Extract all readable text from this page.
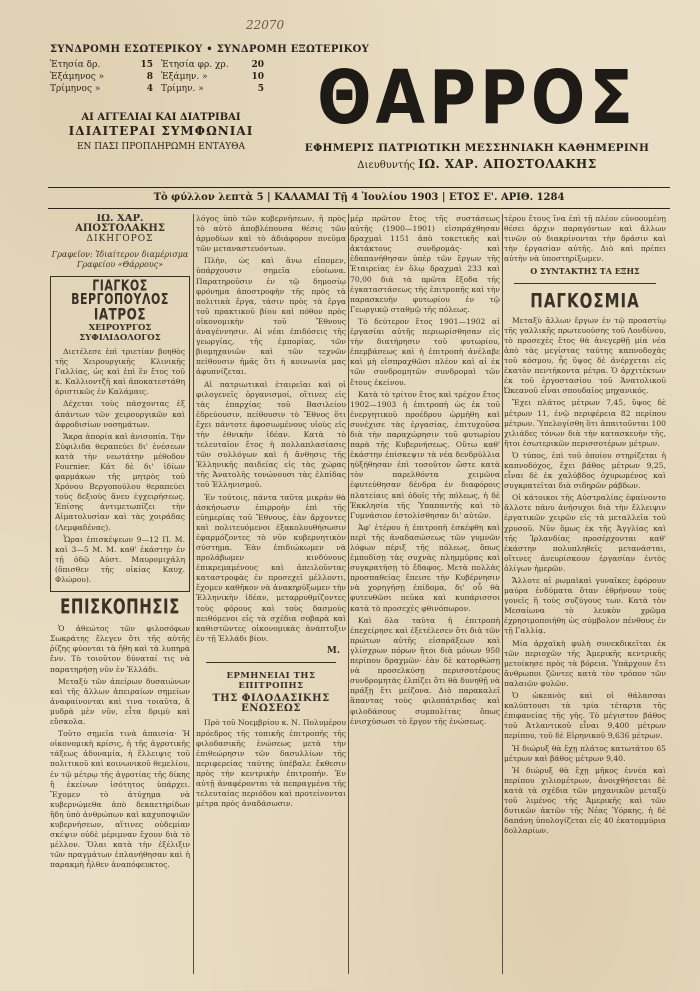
22070
ΣΥΝΔΡΟΜΗ ΕΣΩΤΕΡΙΚΟΥ • ΣΥΝΔΡΟΜΗ ΕΞΩΤΕΡΙΚΟΥ
Ἐτησία δρ.	15
Ἑξάμηνος »	8
Τρίμηνος »	4
Ἐτησία φρ. χρ.	20
Ἑξάμην. »	10
Τρίμην. »	5
ΑΙ ΑΓΓΕΛΙΑΙ ΚΑΙ ΔΙΑΤΡΙΒΑΙ
ΙΔΙΑΙΤΕΡΑΙ ΣΥΜΦΩΝΙΑΙ
ΕΝ ΠΑΣΙ ΠΡΟΠΛΗΡΩΜΗ ΕΝΤΑΥΘΑ
ΘΑΡΡΟΣ
ΕΦΗΜΕΡΙΣ ΠΑΤΡΙΩΤΙΚΗ ΜΕΣΣΗΝΙΑΚΗ ΚΑΘΗΜΕΡΙΝΗ
Διευθυντής ΙΩ. ΧΑΡ. ΑΠΟΣΤΟΛΑΚΗΣ
Τὸ φύλλον λεπτὰ 5 | ΚΑΛΑΜΑΙ Τῇ 4 Ἰουλίου 1903 | ΕΤΟΣ Ε'. ΑΡΙΘ. 1284
ΙΩ. ΧΑΡ. ΑΠΟΣΤΟΛΑΚΗΣ
ΔΙΚΗΓΟΡΟΣ
Γραφεῖον: Ἰδιαίτερον διαμέρισμα Γραφείου «Θάρρους»
ΓΙΑΓΚΟΣ ΒΕΡΓΟΠΟΥΛΟΣ
ΙΑΤΡΟΣ
ΧΕΙΡΟΥΡΓΟΣ ΣΥΦΙΛΙΔΟΛΟΓΟΣ

Διετέλεσε ἐπὶ τριετίαν βοηθὸς τῆς Χειρουργικῆς Κλινικῆς Γαλλίας, ὡς καὶ ἐπὶ ἓν ἔτος τοῦ κ. Καλλιοντζῆ καὶ ἀποκατεστάθη ὁριστικῶς ἐν Καλάμαις.

Δέχεται τοὺς πάσχοντας ἐξ ἁπάντων τῶν χειρουργικῶν καὶ ἀφροδισίων νοσημάτων.

Ἄκρα ἀπορία καὶ ἀνισοπία. Τὴν Σύφιλιδα θεραπεύει δι' ἐνέσεων κατὰ τὴν νεωτάτην μέθοδον Fournier. Κάτ δὲ δι' ἰδίων φαρμάκων τῆς μητρὸς τοῦ Χρόνου Βεργοπούλου θεραπεύει τοὺς δεξιοὺς ἄνευ ἐγχειρήσεως. Ἐπίσης ἀντιμετωπίζει τὴν Αἱματολυσίαν καὶ τὰς χοιράδας (Λεμφαδένας).

Ὧραι ἐπισκέψεων 9—12 Π. Μ. καὶ 3—5 Μ. Μ. καθ' ἑκάστην ἐν τῇ ὁδῷ Αὐστ. Μαυρομιχάλη (ὄπισθεν τῆς οἰκίας Καυχ. Φλώρου).

ΕΠΙΣΚΟΠΗΣΙΣ

Ὁ ἀθεώτος τῶν φιλοσόφων Σωκράτης ἔλεγεν ὅτι τῆς αὐτῆς ῥίζης φύονται τὰ ἤθη καὶ τὰ λυπηρὰ ἔνν. Τὸ τοιοῦτον δύναταί τις νὰ παρατηρήσῃ νῦν ἐν Ἑλλάδι.

Μεταξὺ τῶν ἀπείρων δυσαιώνων καὶ τῆς ἄλλων ἀπειραίων σημείων ἀναφαίνονται καὶ τινα τοιαῦτα, ἅ μυδρὰ μὲν νῦν, εἶτα δριμὺ καὶ εὔσκολα.

Τοῦτο σημεῖα τινὰ ἀπαισία· Ἡ οἰκονομικὴ κρίσις, ἡ τῆς ἀγροτικῆς τάξεως ἀδυναμία, ἡ ἔλλειψις τοῦ πολιτικοῦ καὶ κοινωνικοῦ θεμελίου, ἐν τῷ μέτρῳ τῆς ἀγροτίας τῆς δίκης ἢ ἐκείνων ἰσότητος ὑπάρχει. Ἔχομεν τὸ ἀτύχημα νὰ κυβερνώμεθα ἀπὸ δεκαετηρίδων ἤδη ὑπὸ ἀνθρώπων καὶ καχυποψιῶν κυβερνήσεων, αἵτινες οὐδεμίαν σκέψιν οὐδὲ μέριμναν ἔχουν διὰ τὸ μέλλον. Ὅλαι κατὰ τὴν ἐξέλιξιν τῶν πραγμάτων ἐπλανήθησαν καὶ ἡ παρακμὴ ἦλθεν ἀναπόφευκτος.

λόγος ὑπὸ τῶν κυβερνήσεων, ἡ πρὸς τὸ αὐτὸ ἀποβλέπουσα θέσις τῶν ἀρμοδίων καὶ τὸ ἀδιάφορον πνεῦμα τῶν μεταναστευόντων.

Πλὴν, ὡς καὶ ἄνω εἴπομεν, ὑπάρχουσιν σημεῖα εὐοίωνα. Παρατηροῦσιν ἐν τῷ δημοσίῳ φρόνημα ἀποστροφὴν τῆς πρὸς τὰ πολιτικὰ ἔργα, τάσιν πρὸς τὰ ἔργα τοῦ πρακτικοῦ βίου καὶ πόθον πρὸς οἰκονομικὴν τοῦ Ἔθνους ἀναγέννησιν. Αἱ νέαι ἐπιδόσεις τῆς γεωργίας, τῆς ἐμπορίας, τῶν βιομηχανιῶν καὶ τῶν τεχνῶν πείθουσιν ἡμᾶς ὅτι ἡ κοινωνία μας ἀφυπνίζεται.

Αἱ πατριωτικαὶ ἑταιρεῖαι καὶ οἱ φιλογενεῖς ὀργανισμοί, οἵτινες εἰς τὰς ἐπαρχίας τοῦ Βασιλείου ἐδρεύουσιν, πείθουσιν τὸ Ἔθνος ὅτι ἔχει πάντοτε ἀφοσιωμένους υἱοὺς εἰς τὴν ἐθνικὴν ἰδέαν. Κατὰ τὸ τελευταῖον ἔτος ἡ πολλαπλασίασις τῶν συλλόγων καὶ ἡ ἄνθησις τῆς Ἑλληνικῆς παιδείας εἰς τὰς χώρας τῆς Ἀνατολῆς τονώνουσι τὰς ἐλπίδας τοῦ Ἑλληνισμοῦ.

Ἐν τούτοις, πάντα ταῦτα μικρὰν θὰ ἀσκήσωσιν ἐπιρροὴν ἐπὶ τῆς εὐημερίας τοῦ Ἔθνους, ἐὰν ἄρχοντες καὶ πολιτευόμενοι ἐξακολουθήσωσιν ἐφαρμόζοντες τὸ νῦν κυβερνητικὸν σύστημα. Ἐὰν ἐπιδιώκωμεν νὰ προλάβωμεν κινδύνους ἐπικρεμαμένους καὶ ἀπειλοῦντας καταστροφὰς ἐν προσεχεῖ μέλλοντι, ἔχομεν καθῆκον νὰ ἀνακηρύξωμεν τὴν Ἑλληνικὴν ἰδέαν, μεταρρυθμίζοντες τοὺς φόρους καὶ τοὺς δασμοὺς πειθόμενοι εἰς τὰ σχέδια σοβαρὰ καὶ καθιστῶντες οἰκονομικὰς ἀνάπτυξιν ἐν τῇ Ἑλλάδι βίον.

Μ.
ΕΡΜΗΝΕΙΑΙ ΤΗΣ ΕΠΙΤΡΟΠΗΣ
ΤΗΣ ΦΙΛΟΔΑΣΙΚΗΣ ΕΝΩΣΕΩΣ

Πρὸ τοῦ Νοεμβρίου κ. Ν. Πολυμέρου πρόεδρος τῆς τοπικῆς ἐπιτροπῆς τῆς φιλοδασικῆς ἐνώσεως μετὰ τὴν ἐπιθεώρησιν τῶν δασυλλίων τῆς περιφερείας ταύτης ὑπέβαλε ἔκθεσιν πρὸς τὴν κεντρικὴν ἐπιτροπήν. Ἐν αὐτῇ ἀναφέρονται τὰ πεπραγμένα τῆς τελευταίας περιόδου καὶ προτείνονται μέτρα πρὸς ἀναδάσωσιν.

μέρ πρῶτον ἔτος τῆς συστάσεως αὐτῆς (1900—1901) εἰσπράχθησαν δραχμαὶ 1151 ἀπὸ τοκετικῆς καὶ ἀκτάκτους συνδρομάς· καὶ ἐδαπανήθησαν ὑπὲρ τῶν ἔργων τῆς Ἑταιρείας ἐν ὅλῳ δραχμαὶ 233 καὶ 70,00 διὰ τὰ πρῶτα ἔξοδα τῆς ἐγκαταστάσεως τῆς ἐπιτροπῆς καὶ τὴν παρασκευὴν φυτωρίου ἐν τῷ Γεωργικῷ σταθμῷ τῆς πόλεως.

Τὸ δεύτερον ἔτος 1901—1902 αἱ ἐργασίαι αὐτῆς περιωρίσθησαν εἰς τὴν διατήρησιν τοῦ φυτωρίου, ἐπεμβάσεως καὶ ἡ ἐπιτροπὴ ἀνέλαβε καὶ μὴ εἰσπραχθῶσι πλέον καὶ αἱ ἐκ τῶν συνδρομητῶν συνδρομαὶ τῶν ἔτους ἐκείνου.

Κατὰ τὸ τρίτον ἔτος καὶ τρέχον ἔτος 1902—1903 ἡ ἐπιτροπὴ ὡς ἐκ τοῦ ἐνεργητικοῦ προέδρου ὡρμήθη καὶ συνέχισε τὰς ἐργασίας, ἐπιτυχοῦσα διὰ τὴν παραχώρησιν τοῦ φυτωρίου παρὰ τῆς Κυβερνήσεως. Οὕτω καθ' ἑκάστην ἐπίσκεψιν τὰ νέα δενδρύλλια ηὐξήθησαν ἐπὶ τοσοῦτον ὥστε κατὰ τὸν παρελθόντα χειμῶνα ἐφυτεύθησαν δένδρα ἐν διαφόροις πλατείαις καὶ ὁδοῖς τῆς πόλεως, ἡ δὲ Ἐκκλησία τῆς Ὑπαπαντῆς καὶ τὸ Γυμνάσιον ἐστολίσθησαν δι' αὐτῶν.

Ἀφ' ἑτέρου ἡ ἐπιτροπὴ ἐσκέφθη καὶ περὶ τῆς ἀναδασώσεως τῶν γυμνῶν λόφων πέριξ τῆς πόλεως, ὅπως ἐμποδίσῃ τὰς συχνὰς πλημμύρας καὶ συγκρατήσῃ τὸ ἔδαφος. Μετὰ πολλὰς προσπαθείας ἔπεισε τὴν Κυβέρνησιν νὰ χορηγήσῃ ἐπίδομα, δι' οὗ θὰ φυτευθῶσι πεῦκα καὶ κυπάρισσοι κατὰ τὸ προσεχὲς φθινόπωρον.

Καὶ ὅλα ταῦτα ἡ ἐπιτροπὴ ἐπεχείρησε καὶ ἐξετέλεσεν ὅτι διὰ τῶν πρώτων αὐτῆς εἰσπράξεων καὶ γλίσχρων πόρων ἤτοι διὰ μόνων 950 περίπου δραχμῶν· ἐὰν δὲ κατορθώσῃ νὰ προσελκύσῃ περισσοτέρους συνδρομητὰς ἐλπίζει ὅτι θὰ δυνηθῇ νὰ πράξῃ ἔτι μείζονα. Διὸ παρακαλεῖ ἅπαντας τοὺς φιλοπάτριδας καὶ φιλοδάσους συμπολίτας ὅπως ἐνισχύσωσι τὸ ἔργον τῆς ἐνώσεως.

τέρου ἔτους ἵνα ἐπὶ τῇ πλέον εὐνοουμένῃ θέσει ἀρχιν παραγόντων καὶ ἄλλων τινῶν οὐ διακρίνονται τὴν δράσιν καὶ τὴν ἐργασίαν αὐτῆς. Διὸ καὶ πρέπει αὐτὴν νὰ ὑποστηρίξωμεν.

Ο ΣΥΝΤΑΚΤΗΣ ΤΑ ΕΞΗΣ
ΠΑΓΚΟΣΜΙΑ

Μεταξὺ ἄλλων ἔργων ἐν τῷ προαστίῳ τῆς γαλλικῆς πρωτευούσης τοῦ Λονδίνου, τὸ προσεχὲς ἔτος θὰ ἀνεγερθῇ μία νέα ἀπὸ τὰς μεγίστας ταύτης καπνοδοχὰς τοῦ κόσμου, ἧς ὕψος δὲ ἀνέρχεται εἰς ἑκατὸν πεντήκοντα μέτρα. Ὁ ἀρχιτέκτων ἐκ τοῦ ἐργοστασίου τοῦ Ἀνατολικοῦ Ὠκεανοῦ εἶναι σπουδαῖος μηχανικός.

Ἔχει πλάτος μέτρων 7,45, ὕψος δὲ μέτρων 11, ἐνῷ περιφέρεια 82 περίπου μέτρων. Ὑπελογίσθη ὅτι ἀπαιτοῦνται 100 χιλιάδες τόνων διὰ τὴν κατασκευὴν τῆς, ἤτοι ἐσωτερικῶν περισσοτέρων μέτρων.

Ὁ τύπος, ἐπὶ τοῦ ὁποίου στηρίζεται ἡ καπνοδόχος, ἔχει βάθος μέτρων 9,25, εἶναι δὲ ἐκ χαλύβδος ὀχυρωμένος καὶ συγκρατεῖται διὰ σιδηρῶν ράβδων.

Οἱ κάτοικοι τῆς Αὐστραλίας ἐφαίνοντο ἄλλοτε πάνυ ἀνήσυχοι διὰ τὴν ἔλλειψιν ἐργατικῶν χειρῶν εἰς τὰ μεταλλεῖα τοῦ χρυσοῦ. Νῦν ὅμως ἐκ τῆς Ἀγγλίας καὶ τῆς Ἰρλανδίας προσέρχονται καθ' ἑκάστην πολυπληθεῖς μετανάσται, οἵτινες ἀνευρίσκουν ἐργασίαν ἐντὸς ὀλίγων ἡμερῶν.

Ἄλλοτε αἱ ρωμαϊκαὶ γυναῖκες ἐφόρουν μαύρα ἐνδύματα ὅταν ἐθρήνουν τοὺς γονεῖς ἢ τοὺς συζύγους των. Κατὰ τὸν Μεσαίωνα τὸ λευκὸν χρῶμα ἐχρησιμοποιήθη ὡς σύμβολον πένθους ἐν τῇ Γαλλίᾳ.

Μία ἀρχαϊκὴ φυλὴ συνεκδικεῖται ἐκ τῶν περιοχῶν τῆς Ἀμερικῆς κεντρικῆς μετοίκησε πρὸς τὰ βόρεια. Ὑπάρχουν ἔτι ἄνθρωποι ζῶντες κατὰ τὸν τρόπον τῶν παλαιῶν φυλῶν.

Ὁ ὠκεανὸς καὶ οἱ θάλασσαι καλύπτουσι τὰ τρία τέταρτα τῆς ἐπιφανείας τῆς γῆς. Τὸ μέγιστον βάθος τοῦ Ἀτλαντικοῦ εἶναι 9,400 μέτρων περίπου, τοῦ δὲ Εἰρηνικοῦ 9,636 μέτρων.

Ἡ διώρυξ θὰ ἔχῃ πλάτος κατωτάτου 65 μέτρων καὶ βάθος μέτρων 9,40.

Ἡ διώρυξ θὰ ἔχῃ μῆκος ἐννέα καὶ περίπου χιλιομέτρων, ἀνοιχθήσεται δὲ κατὰ τὰ σχέδια τῶν μηχανικῶν μεταξὺ τοῦ λιμένος τῆς Ἀμερικῆς καὶ τῶν δυτικῶν ἀκτῶν τῆς Νέας Ὑόρκης, ἡ δὲ δαπάνη ὑπολογίζεται εἰς 40 ἑκατομμύρια δολλαρίων.
